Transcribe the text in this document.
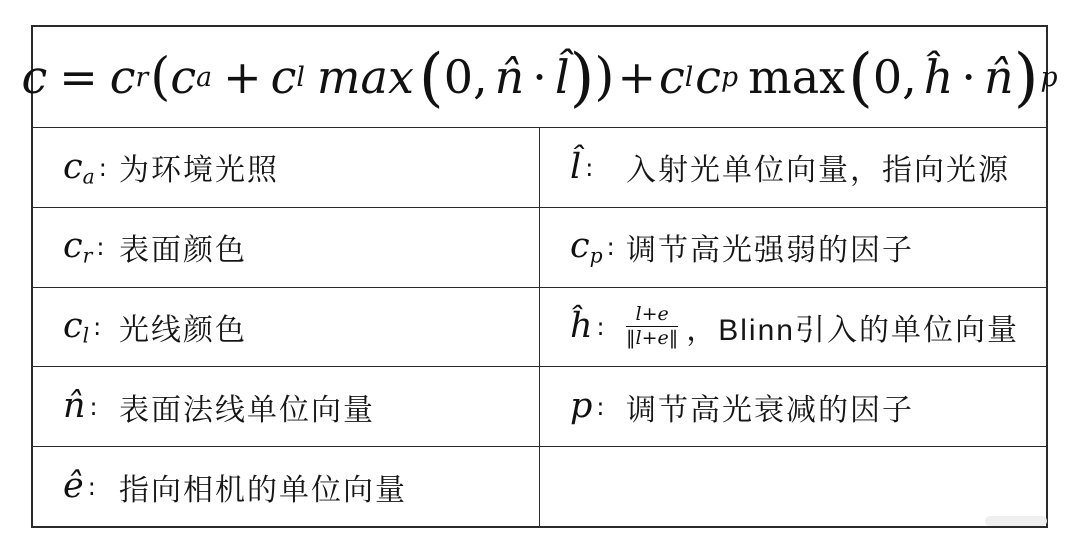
c = c r ( c a + c l max ( 0, n̂ · l̂ ) ) + c l c p max ( 0, ĥ · n̂ ) p
ca : 为环境光照	l̂ :	入射光单位向量，指向光源
cr : 表面颜色	cp : 调节高光强弱的因子
cl : 光线颜色	ĥ :	$\frac{l+e}{‖l+e‖}$ ，Blinn引入的单位向量
n̂ : 表面法线单位向量	p : 调节高光衰减的因子
ê : 指向相机的单位向量
